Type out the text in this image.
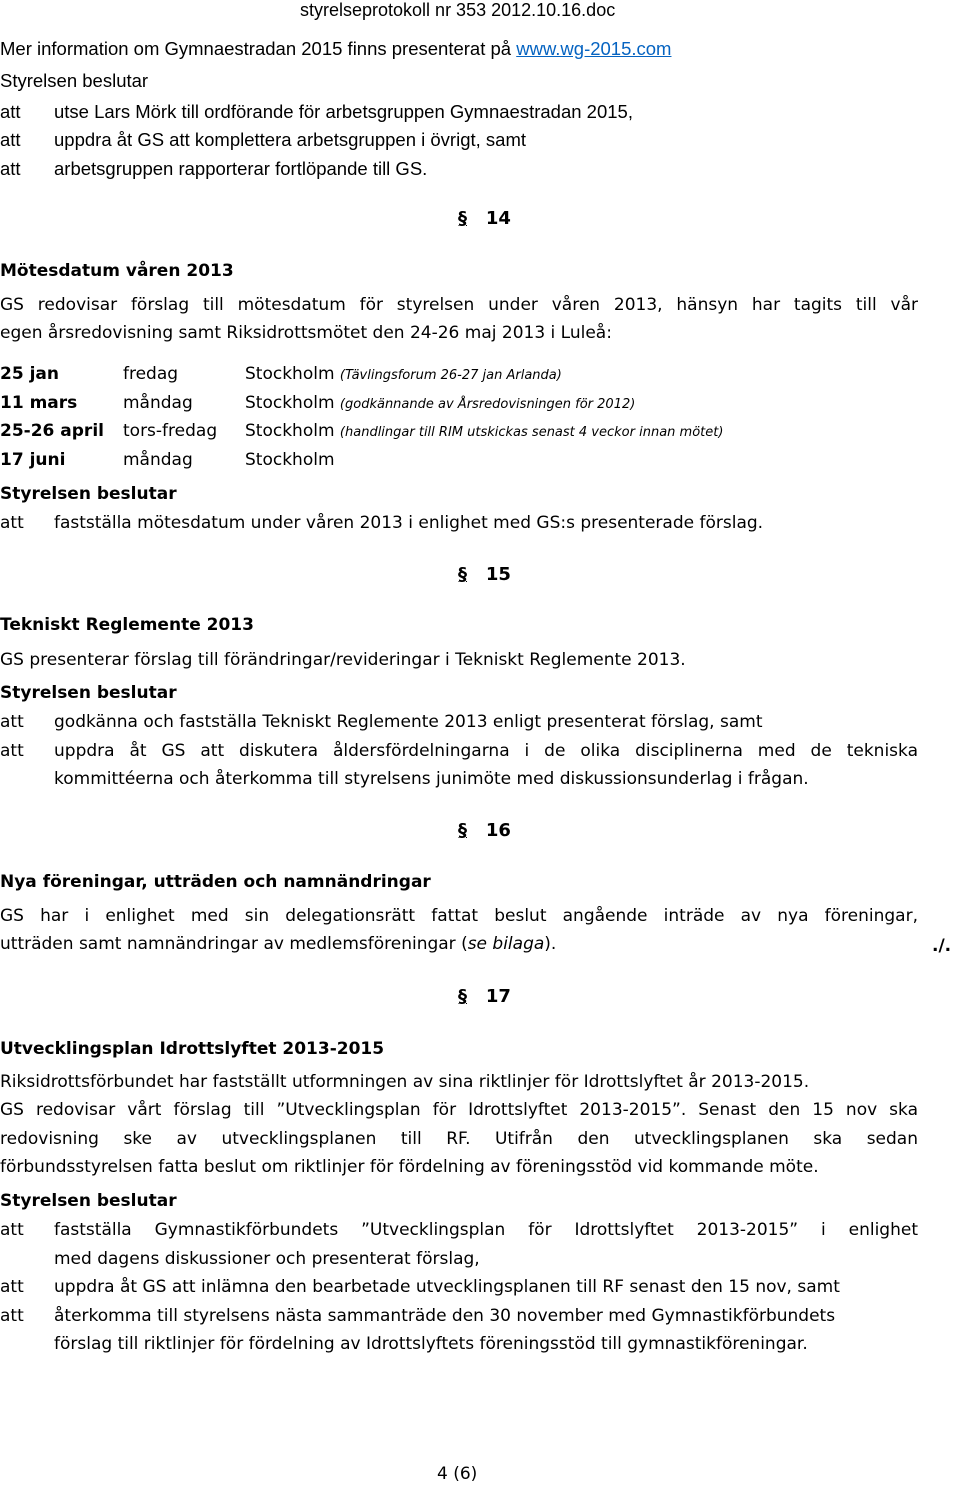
styrelseprotokoll nr 353 2012.10.16.doc
Mer information om Gymnaestradan 2015 finns presenterat på www.wg-2015.com
Styrelsen beslutar
att utse Lars Mörk till ordförande för arbetsgruppen Gymnaestradan 2015,
att uppdra åt GS att komplettera arbetsgruppen i övrigt, samt
att arbetsgruppen rapporterar fortlöpande till GS.
§ 14
Mötesdatum våren 2013
GS redovisar förslag till mötesdatum för styrelsen under våren 2013, hänsyn har tagits till vår
egen årsredovisning samt Riksidrottsmötet den 24-26 maj 2013 i Luleå:
25 jan	fredag	Stockholm (Tävlingsforum 26-27 jan Arlanda)
11 mars	måndag	Stockholm (godkännande av Årsredovisningen för 2012)
25-26 april tors-fredag Stockholm (handlingar till RIM utskickas senast 4 veckor innan mötet)
17 juni	måndag	Stockholm
Styrelsen beslutar
att fastställa mötesdatum under våren 2013 i enlighet med GS:s presenterade förslag.
§ 15
Tekniskt Reglemente 2013
GS presenterar förslag till förändringar/revideringar i Tekniskt Reglemente 2013.
Styrelsen beslutar
att godkänna och fastställa Tekniskt Reglemente 2013 enligt presenterat förslag, samt
att uppdra åt GS att diskutera åldersfördelningarna i de olika disciplinerna med de tekniska
kommittéerna och återkomma till styrelsens junimöte med diskussionsunderlag i frågan.
§ 16
Nya föreningar, utträden och namnändringar
GS har i enlighet med sin delegationsrätt fattat beslut angående inträde av nya föreningar,
utträden samt namnändringar av medlemsföreningar (se bilaga).	./.
§ 17
Utvecklingsplan Idrottslyftet 2013-2015
Riksidrottsförbundet har fastställt utformningen av sina riktlinjer för Idrottslyftet år 2013-2015.
GS redovisar vårt förslag till ”Utvecklingsplan för Idrottslyftet 2013-2015”. Senast den 15 nov ska
redovisning ske av utvecklingsplanen till RF. Utifrån den utvecklingsplanen ska sedan
förbundsstyrelsen fatta beslut om riktlinjer för fördelning av föreningsstöd vid kommande möte.
Styrelsen beslutar
att fastställa Gymnastikförbundets ”Utvecklingsplan för Idrottslyftet 2013-2015” i enlighet
med dagens diskussioner och presenterat förslag,
att uppdra åt GS att inlämna den bearbetade utvecklingsplanen till RF senast den 15 nov, samt
att återkomma till styrelsens nästa sammanträde den 30 november med Gymnastikförbundets
förslag till riktlinjer för fördelning av Idrottslyftets föreningsstöd till gymnastikföreningar.
4 (6)
